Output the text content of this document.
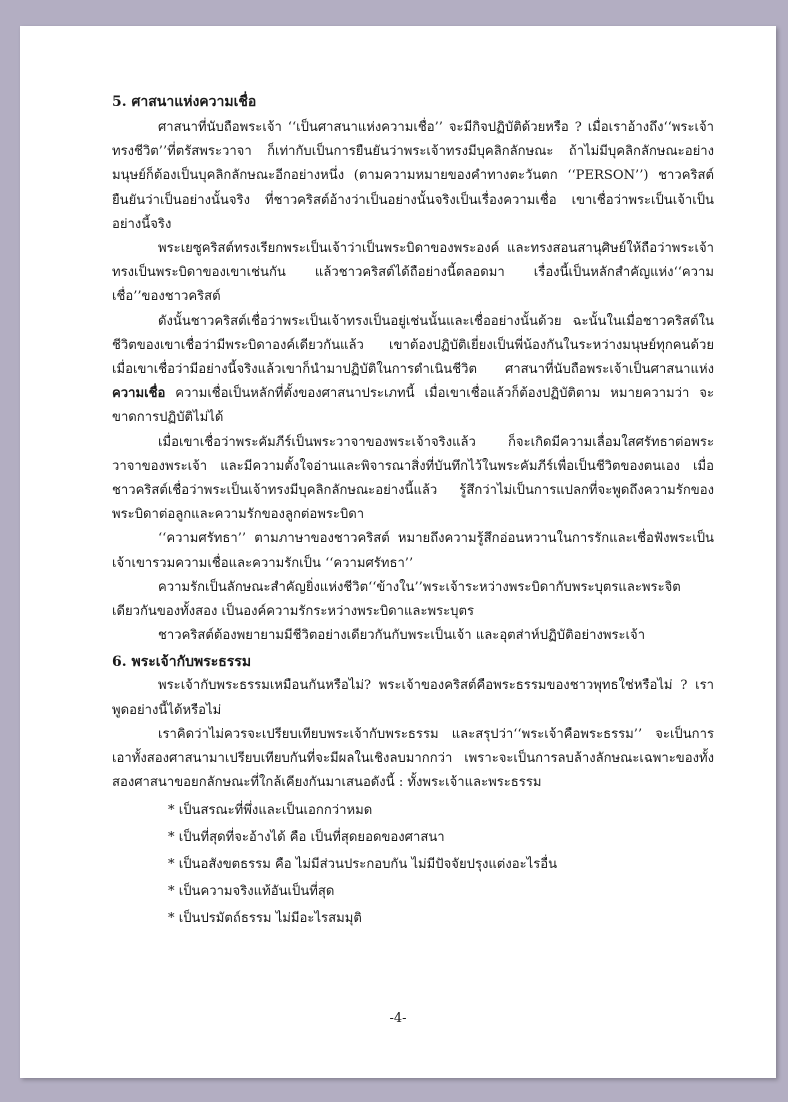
5. ศาสนาแห่งความเชื่อ

ศาสนาที่นับถือพระเจ้า ‘‘เป็นศาสนาแห่งความเชื่อ’’ จะมีกิจปฏิบัติด้วยหรือ ? เมื่อเราอ้างถึง‘‘พระเจ้าทรงชีวิต’’ที่ตรัสพระวาจา ก็เท่ากับเป็นการยืนยันว่าพระเจ้าทรงมีบุคลิกลักษณะ ถ้าไม่มีบุคลิกลักษณะอย่างมนุษย์ก็ต้องเป็นบุคลิกลักษณะอีกอย่างหนึ่ง (ตามความหมายของคำทางตะวันตก ‘‘PERSON’’) ชาวคริสต์ยืนยันว่าเป็นอย่างนั้นจริง ที่ชาวคริสต์อ้างว่าเป็นอย่างนั้นจริงเป็นเรื่องความเชื่อ เขาเชื่อว่าพระเป็นเจ้าเป็นอย่างนี้จริง

พระเยซูคริสต์ทรงเรียกพระเป็นเจ้าว่าเป็นพระบิดาของพระองค์ และทรงสอนสานุศิษย์ให้ถือว่าพระเจ้าทรงเป็นพระบิดาของเขาเช่นกัน แล้วชาวคริสต์ได้ถือย่างนี้ตลอดมา เรื่องนี้เป็นหลักสำคัญแห่ง‘‘ความเชื่อ’’ของชาวคริสต์

ดังนั้นชาวคริสต์เชื่อว่าพระเป็นเจ้าทรงเป็นอยู่เช่นนั้นและเชื่ออย่างนั้นด้วย ฉะนั้นในเมื่อชาวคริสต์ในชีวิตของเขาเชื่อว่ามีพระบิดาองค์เดียวกันแล้ว เขาต้องปฏิบัติเยี่ยงเป็นพี่น้องกันในระหว่างมนุษย์ทุกคนด้วย เมื่อเขาเชื่อว่ามีอย่างนี้จริงแล้วเขาก็นำมาปฏิบัติในการดำเนินชีวิต ศาสนาที่นับถือพระเจ้าเป็นศาสนาแห่งความเชื่อ ความเชื่อเป็นหลักที่ตั้งของศาสนาประเภทนี้ เมื่อเขาเชื่อแล้วก็ต้องปฏิบัติตาม หมายความว่า จะขาดการปฏิบัติไม่ได้

เมื่อเขาเชื่อว่าพระคัมภีร์เป็นพระวาจาของพระเจ้าจริงแล้ว ก็จะเกิดมีความเลื่อมใสศรัทธาต่อพระวาจาของพระเจ้า และมีความตั้งใจอ่านและพิจารณาสิ่งที่บันทึกไว้ในพระคัมภีร์เพื่อเป็นชีวิตของตนเอง เมื่อชาวคริสต์เชื่อว่าพระเป็นเจ้าทรงมีบุคลิกลักษณะอย่างนี้แล้ว รู้สึกว่าไม่เป็นการแปลกที่จะพูดถึงความรักของพระบิดาต่อลูกและความรักของลูกต่อพระบิดา

‘‘ความศรัทธา’’ ตามภาษาของชาวคริสต์ หมายถึงความรู้สึกอ่อนหวานในการรักและเชื่อฟังพระเป็นเจ้าเขารวมความเชื่อและความรักเป็น ‘‘ความศรัทธา’’

ความรักเป็นลักษณะสำคัญยิ่งแห่งชีวิต‘‘ข้างใน’’พระเจ้าระหว่างพระบิดากับพระบุตรและพระจิตเดียวกันของทั้งสอง เป็นองค์ความรักระหว่างพระบิดาและพระบุตร

ชาวคริสต์ต้องพยายามมีชีวิตอย่างเดียวกันกับพระเป็นเจ้า และอุตส่าห์ปฏิบัติอย่างพระเจ้า

6. พระเจ้ากับพระธรรม

พระเจ้ากับพระธรรมเหมือนกันหรือไม่? พระเจ้าของคริสต์คือพระธรรมของชาวพุทธใช่หรือไม่ ? เราพูดอย่างนี้ได้หรือไม่

เราคิดว่าไม่ควรจะเปรียบเทียบพระเจ้ากับพระธรรม และสรุปว่า‘‘พระเจ้าคือพระธรรม’’ จะเป็นการเอาทั้งสองศาสนามาเปรียบเทียบกันที่จะมีผลในเชิงลบมากกว่า เพราะจะเป็นการลบล้างลักษณะเฉพาะของทั้งสองศาสนาขอยกลักษณะที่ใกล้เคียงกันมาเสนอดังนี้ : ทั้งพระเจ้าและพระธรรม

* เป็นสรณะที่พึ่งและเป็นเอกกว่าหมด
* เป็นที่สุดที่จะอ้างได้ คือ เป็นที่สุดยอดของศาสนา
* เป็นอสังขตธรรม คือ ไม่มีส่วนประกอบกัน ไม่มีปัจจัยปรุงแต่งอะไรอื่น
* เป็นความจริงแท้อันเป็นที่สุด
* เป็นปรมัตถ์ธรรม ไม่มีอะไรสมมุติ
-4-
